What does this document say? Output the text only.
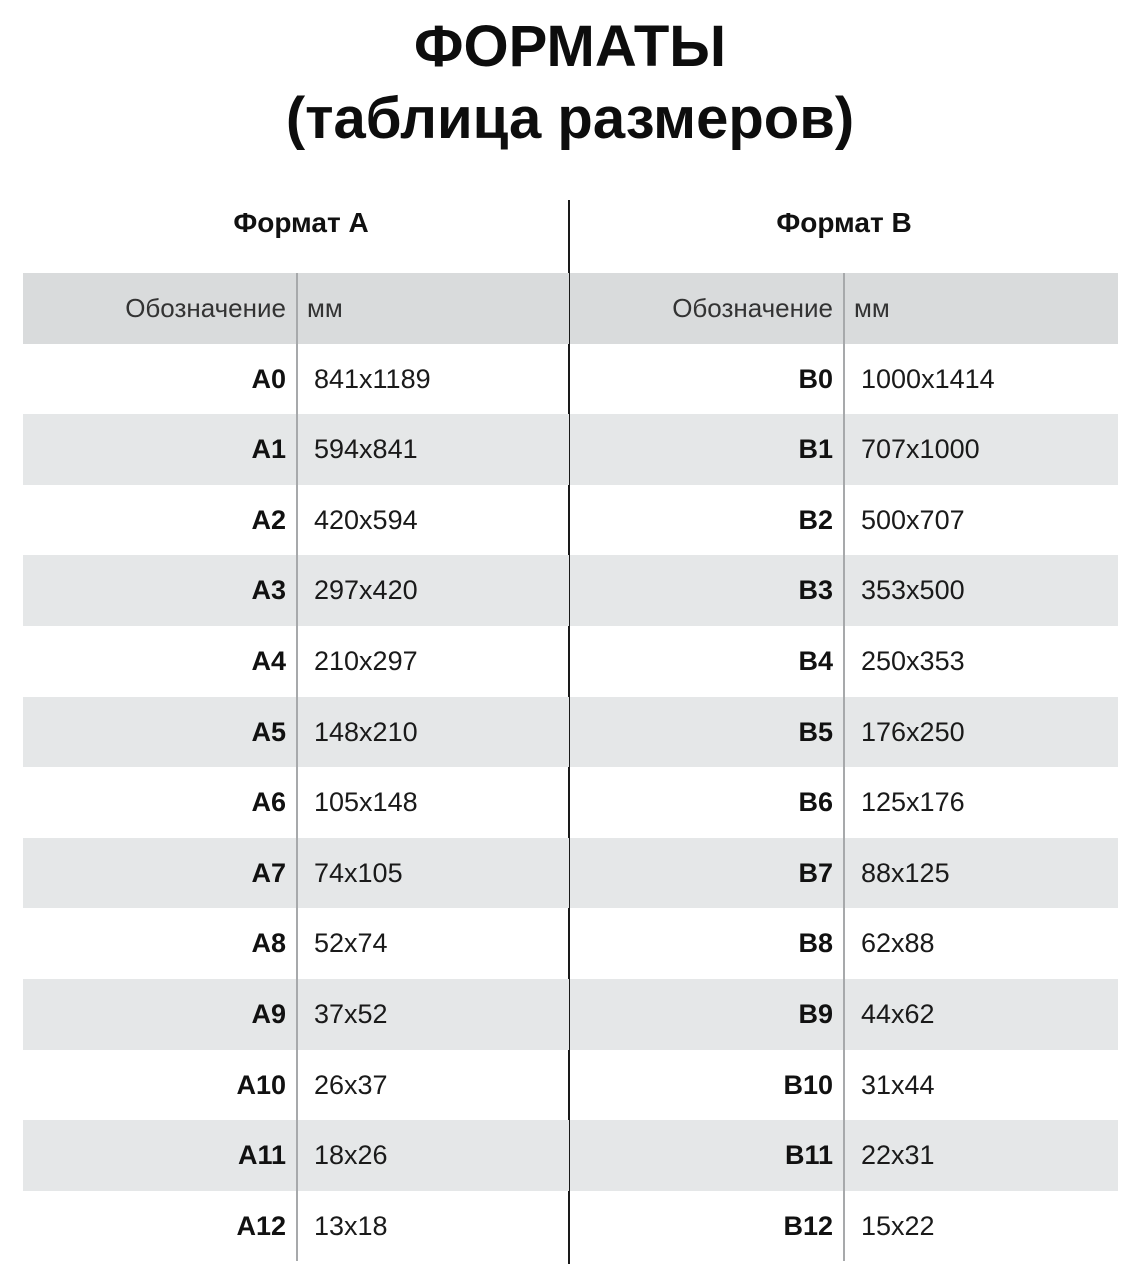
ФОРМАТЫ
(таблица размеров)
Формат А
Обозначение мм
А0 841x1189
А1 594x841
А2 420x594
А3 297x420
А4 210x297
А5 148x210
А6 105x148
А7 74x105
А8 52x74
А9 37x52
А10 26x37
А11 18x26
А12 13x18
Формат В
Обозначение мм
В0 1000x1414
В1 707x1000
В2 500x707
В3 353x500
В4 250x353
В5 176x250
В6 125x176
В7 88x125
В8 62x88
В9 44x62
В10 31x44
В11 22x31
В12 15x22
